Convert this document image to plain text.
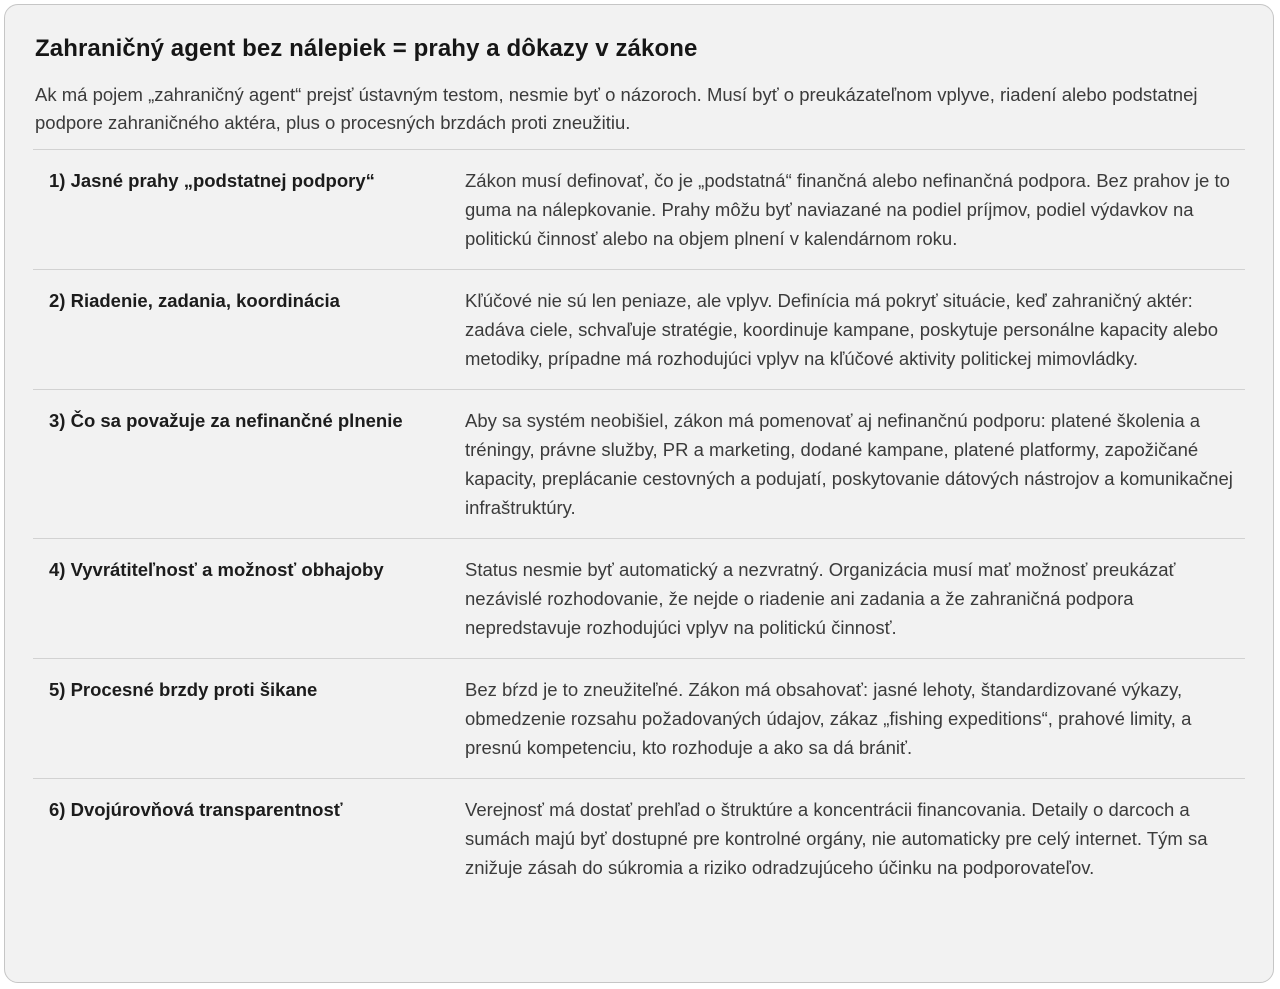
Zahraničný agent bez nálepiek = prahy a dôkazy v zákone

Ak má pojem „zahraničný agent“ prejsť ústavným testom, nesmie byť o názoroch. Musí byť o preukázateľnom vplyve, riadení alebo podstatnej podpore zahraničného aktéra, plus o procesných brzdách proti zneužitiu.

1) Jasné prahy „podstatnej podpory“	Zákon musí definovať, čo je „podstatná“ finančná alebo nefinančná podpora. Bez prahov je to guma na nálepkovanie. Prahy môžu byť naviazané na podiel príjmov, podiel výdavkov na politickú činnosť alebo na objem plnení v kalendárnom roku.
2) Riadenie, zadania, koordinácia	Kľúčové nie sú len peniaze, ale vplyv. Definícia má pokryť situácie, keď zahraničný aktér: zadáva ciele, schvaľuje stratégie, koordinuje kampane, poskytuje personálne kapacity alebo metodiky, prípadne má rozhodujúci vplyv na kľúčové aktivity politickej mimovládky.
3) Čo sa považuje za nefinančné plnenie	Aby sa systém neobišiel, zákon má pomenovať aj nefinančnú podporu: platené školenia a tréningy, právne služby, PR a marketing, dodané kampane, platené platformy, zapožičané kapacity, preplácanie cestovných a podujatí, poskytovanie dátových nástrojov a komunikačnej infraštruktúry.
4) Vyvrátiteľnosť a možnosť obhajoby	Status nesmie byť automatický a nezvratný. Organizácia musí mať možnosť preukázať nezávislé rozhodovanie, že nejde o riadenie ani zadania a že zahraničná podpora nepredstavuje rozhodujúci vplyv na politickú činnosť.
5) Procesné brzdy proti šikane	Bez bŕzd je to zneužiteľné. Zákon má obsahovať: jasné lehoty, štandardizované výkazy, obmedzenie rozsahu požadovaných údajov, zákaz „fishing expeditions“, prahové limity, a presnú kompetenciu, kto rozhoduje a ako sa dá brániť.
6) Dvojúrovňová transparentnosť	Verejnosť má dostať prehľad o štruktúre a koncentrácii financovania. Detaily o darcoch a sumách majú byť dostupné pre kontrolné orgány, nie automaticky pre celý internet. Tým sa znižuje zásah do súkromia a riziko odradzujúceho účinku na podporovateľov.
